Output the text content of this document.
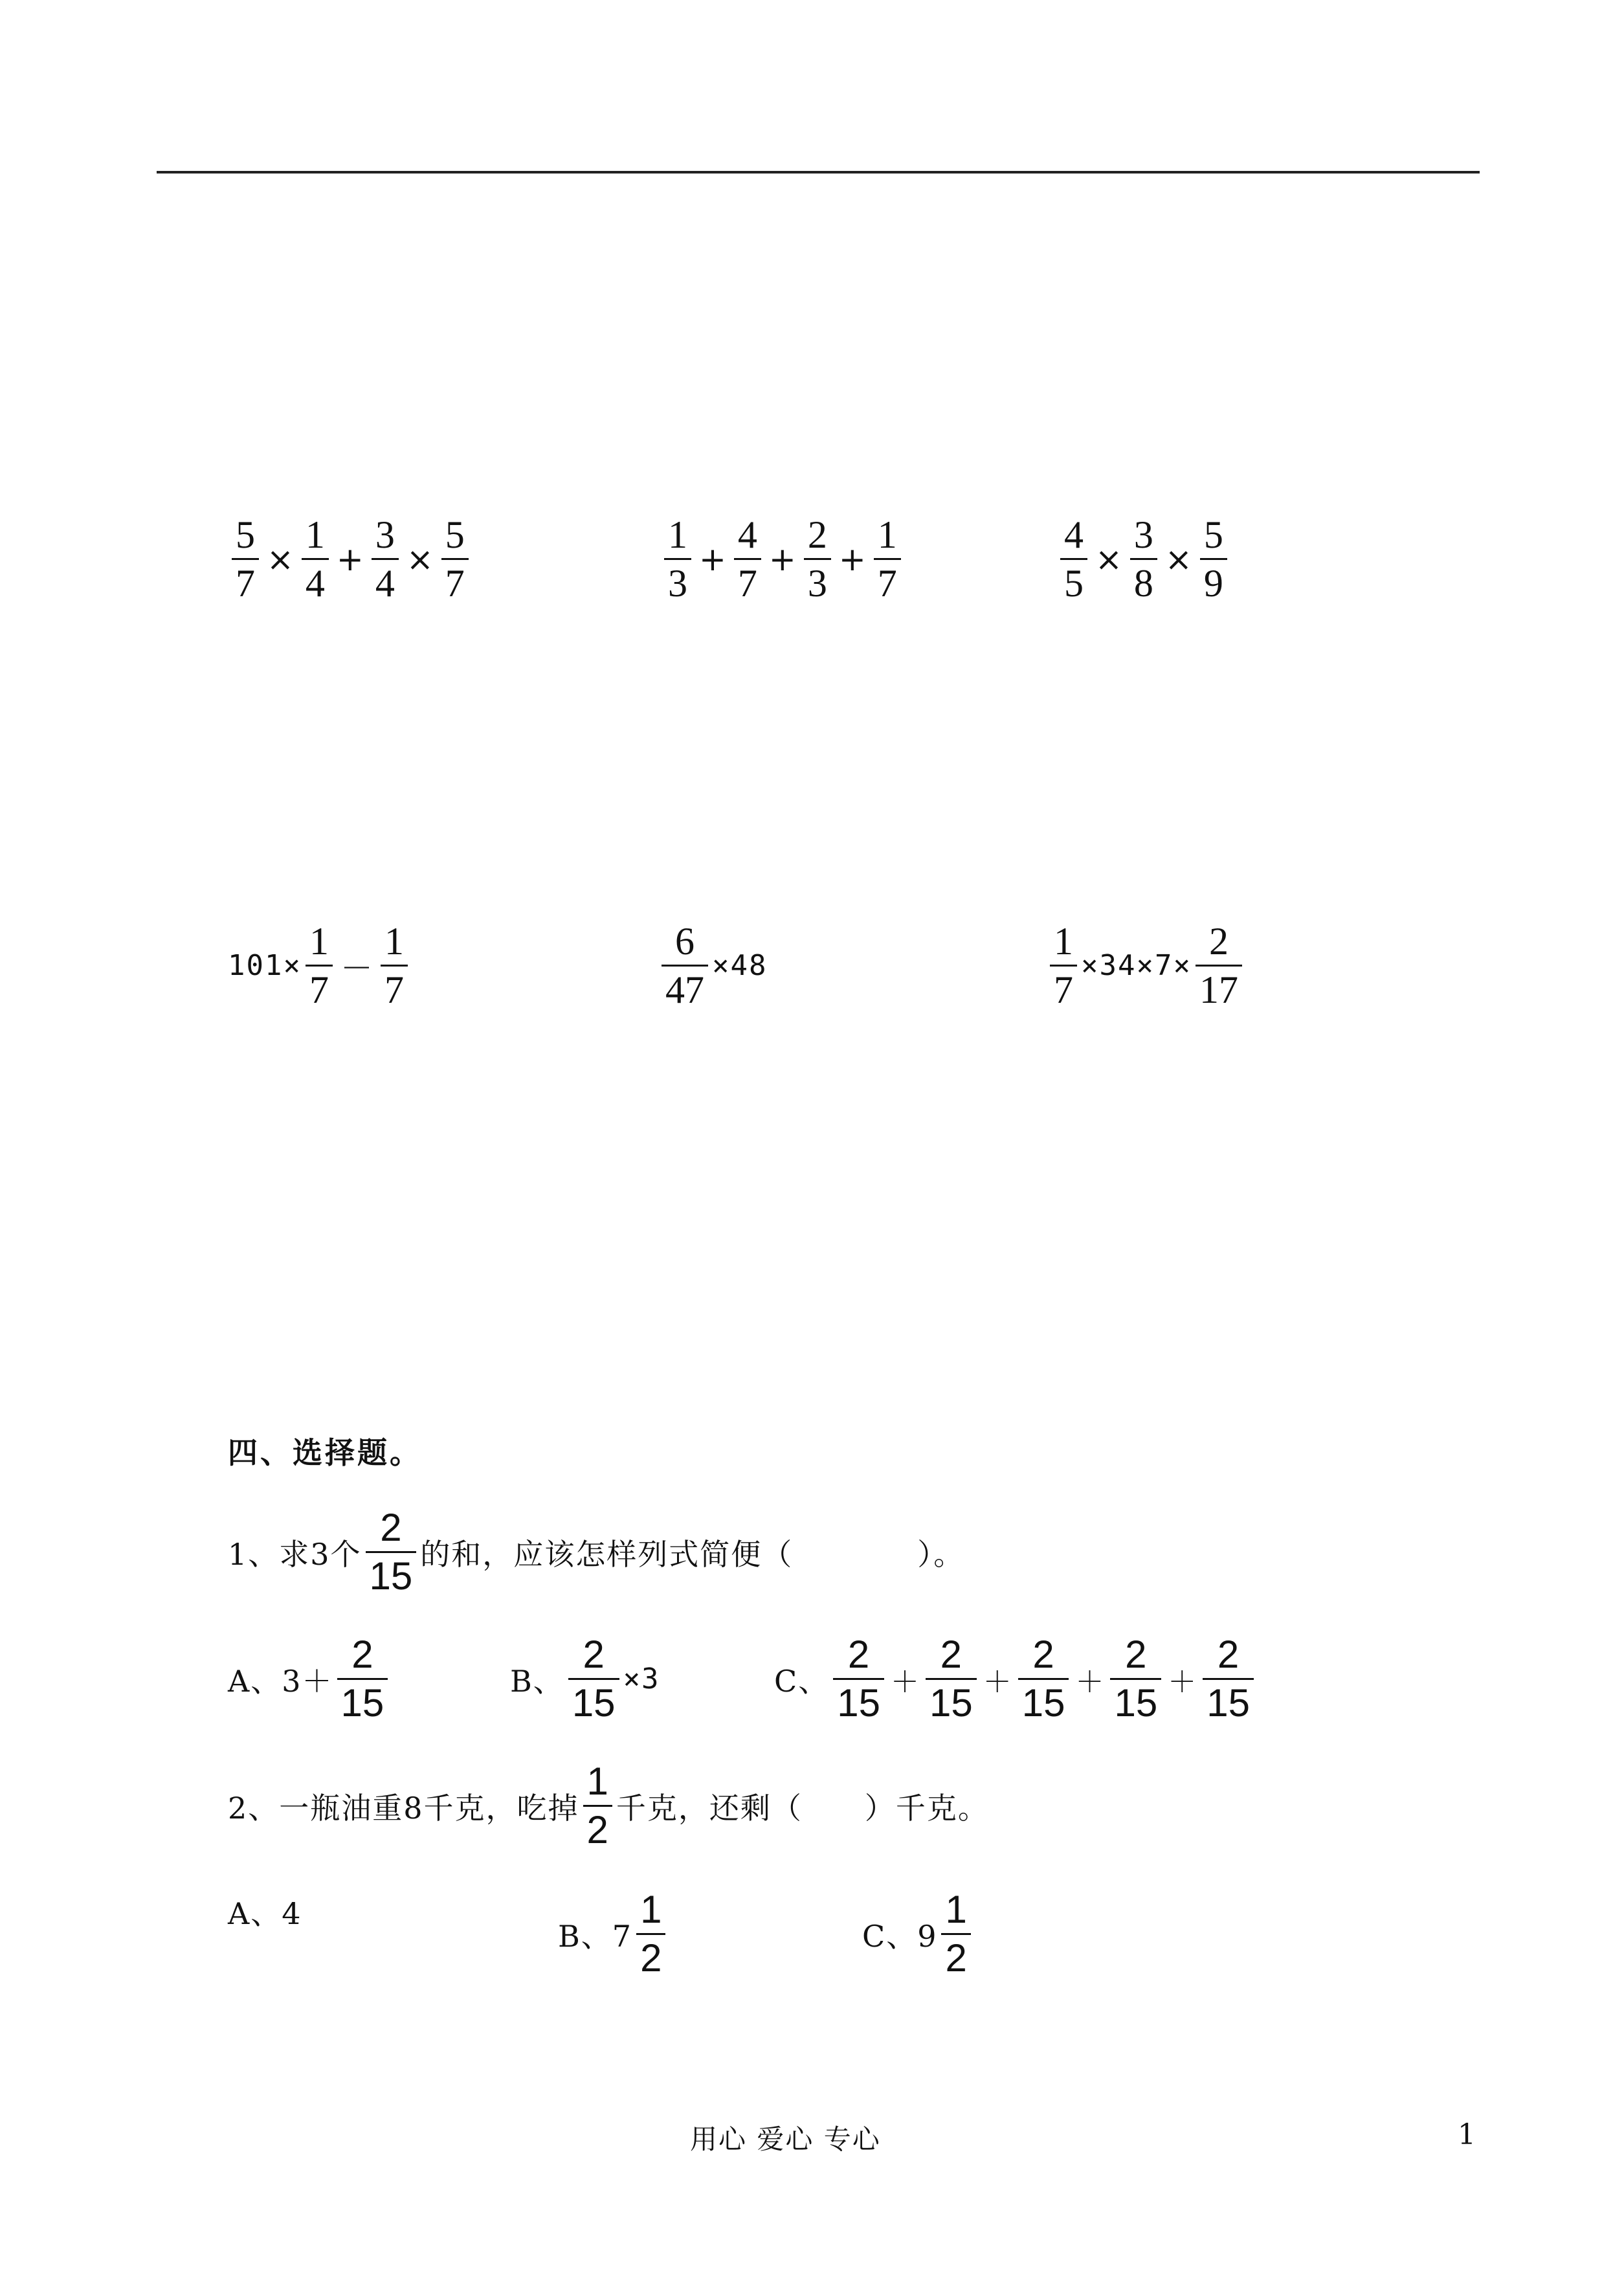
$\frac{5}{7} \times \frac{1}{4} + \frac{3}{4} \times \frac{5}{7}$	$\frac{1}{3} + \frac{4}{7} + \frac{2}{3} + \frac{1}{7}$	$\frac{4}{5} \times \frac{3}{8} \times \frac{5}{9}$
$101\times \frac{1}{7} - \frac{1}{7}$	$\frac{6}{47} \times 48$	$\frac{1}{7} \times 34\times 7\times \frac{2}{17}$
四、选择题。
1、求3个 $\frac{2}{15}$ 的和，应该怎样列式简便（　　　　）。
A、$3+ \frac{2}{15}$	B、 $\frac{2}{15} \times 3$	C、 $\frac{2}{15} + \frac{2}{15} + \frac{2}{15} + \frac{2}{15} + \frac{2}{15}$
2、一瓶油重8千克，吃掉 $\frac{1}{2}$ 千克，还剩（　　）千克。
A、4
B、$7 \frac{1}{2}$	C、$9 \frac{1}{2}$
用心 爱心 专心	1
